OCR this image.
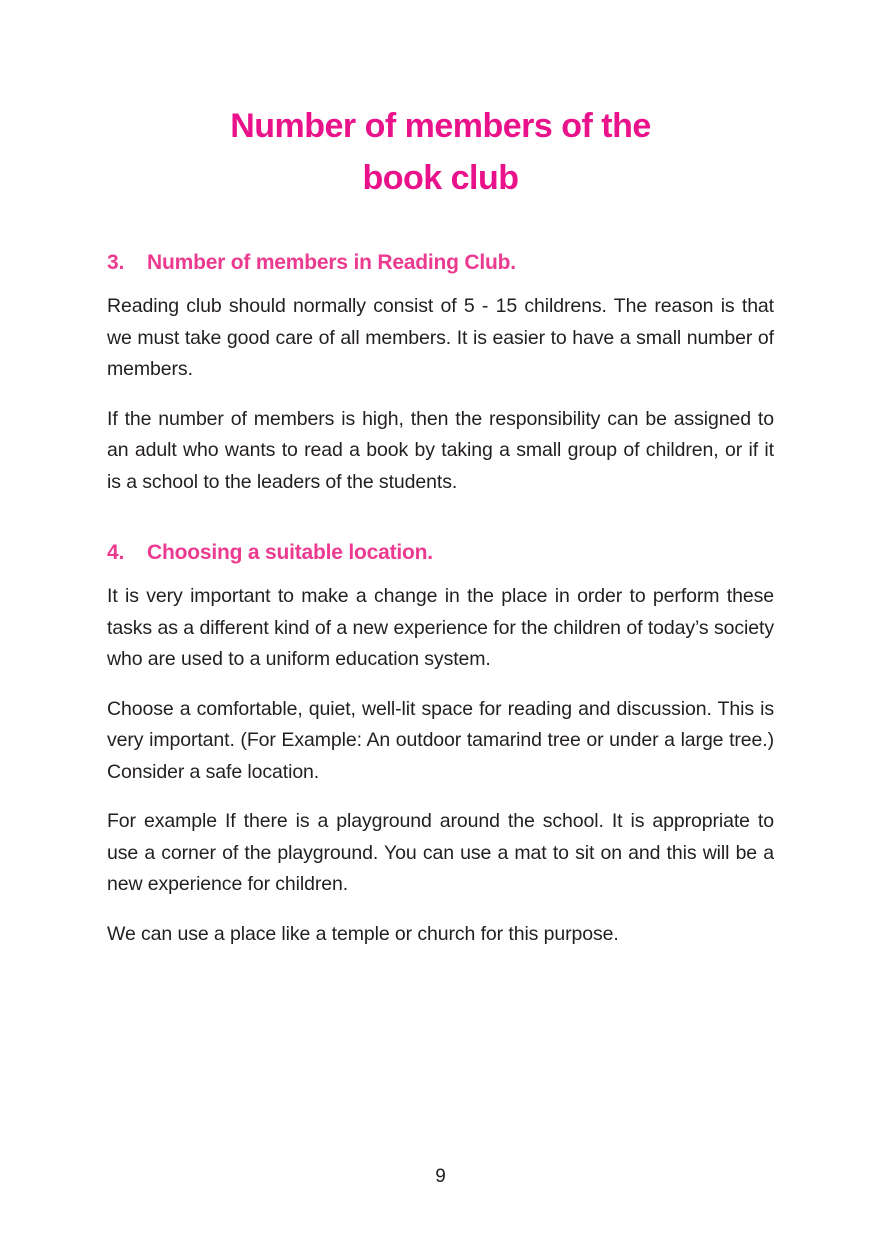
Number of members of the
book club
3.	Number of members in Reading Club.

Reading club should normally consist of 5 - 15 childrens. The reason is that we must take good care of all members. It is easier to have a small number of members.

If the number of members is high, then the responsibility can be assigned to an adult who wants to read a book by taking a small group of children, or if it is a school to the leaders of the students.

4.	Choosing a suitable location.

It is very important to make a change in the place in order to perform these tasks as a different kind of a new experience for the children of today’s society who are used to a uniform education system.

Choose a comfortable, quiet, well-lit space for reading and discussion. This is very important. (For Example: An outdoor tamarind tree or under a large tree.) Consider a safe location.

For example If there is a playground around the school. It is appropriate to use a corner of the playground. You can use a mat to sit on and this will be a new experience for children.

We can use a place like a temple or church for this purpose.

9
